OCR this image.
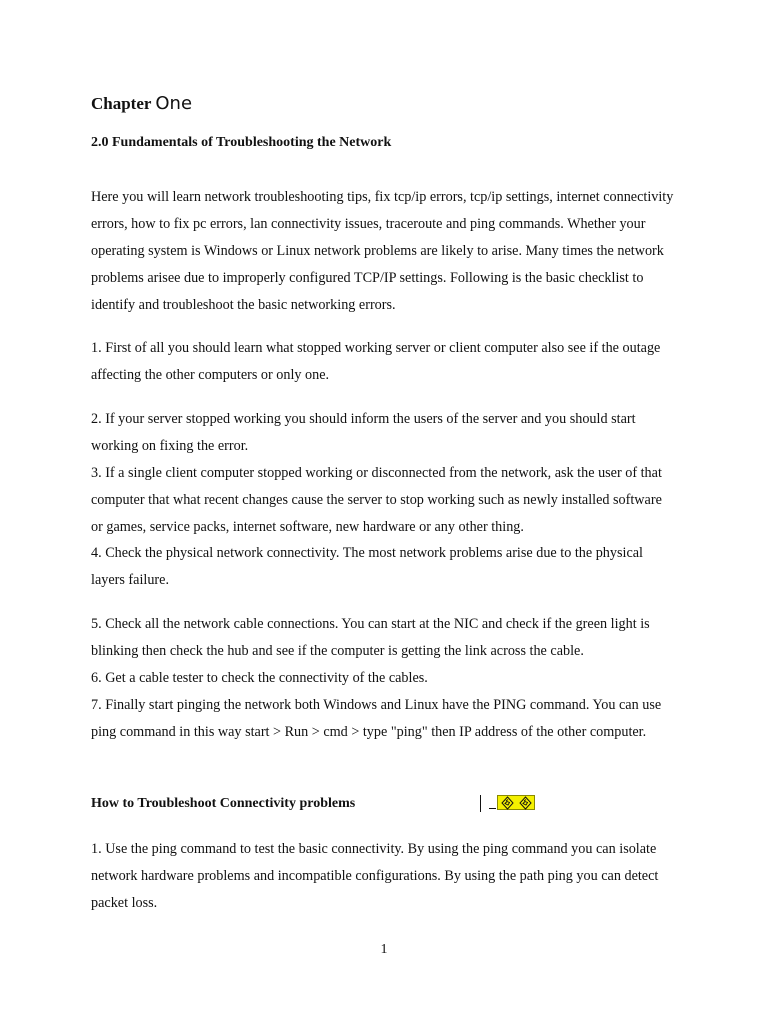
Chapter One
2.0 Fundamentals of Troubleshooting the Network

Here you will learn network troubleshooting tips, fix tcp/ip errors, tcp/ip settings, internet connectivity errors, how to fix pc errors, lan connectivity issues, traceroute and ping commands. Whether your operating system is Windows or Linux network problems are likely to arise. Many times the network problems arisee due to improperly configured TCP/IP settings. Following is the basic checklist to identify and troubleshoot the basic networking errors.

1. First of all you should learn what stopped working server or client computer also see if the outage affecting the other computers or only one.

2. If your server stopped working you should inform the users of the server and you should start working on fixing the error.

3. If a single client computer stopped working or disconnected from the network, ask the user of that computer that what recent changes cause the server to stop working such as newly installed software or games, service packs, internet software, new hardware or any other thing.

4. Check the physical network connectivity. The most network problems arise due to the physical layers failure.

5. Check all the network cable connections. You can start at the NIC and check if the green light is blinking then check the hub and see if the computer is getting the link across the cable.

6. Get a cable tester to check the connectivity of the cables.

7. Finally start pinging the network both Windows and Linux have the PING command. You can use ping command in this way start > Run > cmd > type "ping" then IP address of the other computer.

How to Troubleshoot Connectivity problems

1. Use the ping command to test the basic connectivity. By using the ping command you can isolate network hardware problems and incompatible configurations. By using the path ping you can detect packet loss.

1
